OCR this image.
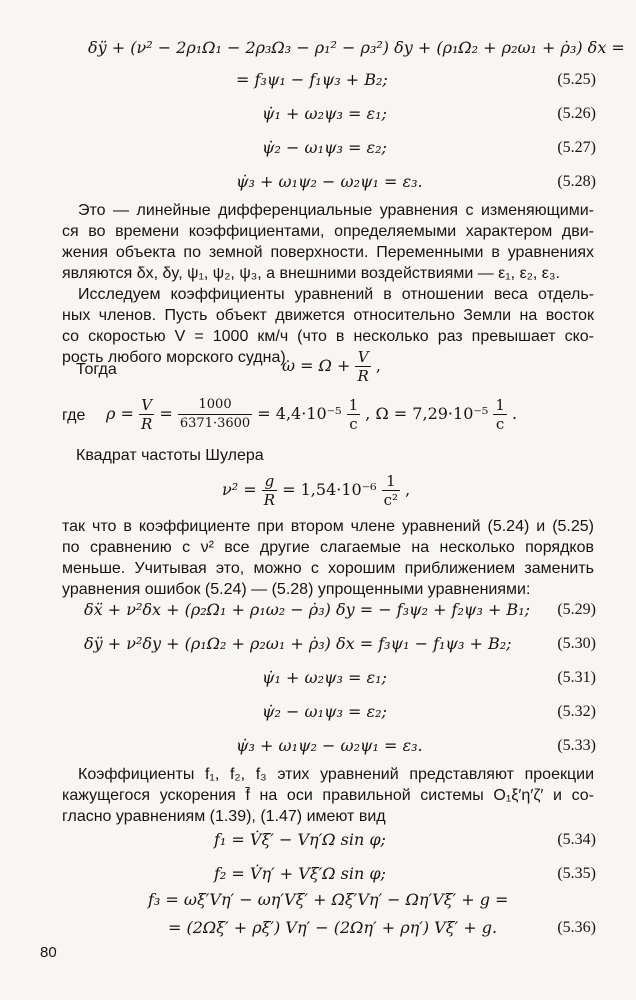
δÿ + (ν² − 2ρ₁Ω₁ − 2ρ₃Ω₃ − ρ₁² − ρ₃²) δy + (ρ₁Ω₂ + ρ₂ω₁ + ρ̇₃) δx =
= f₃ψ₁ − f₁ψ₃ + B₂;	(5.25)
ψ̇₁ + ω₂ψ₃ = ε₁;	(5.26)
ψ̇₂ − ω₁ψ₃ = ε₂;	(5.27)
ψ̇₃ + ω₁ψ₂ − ω₂ψ₁ = ε₃.	(5.28)
Это — линейные дифференциальные уравнения с изменяющими-
ся во времени коэффициентами, определяемыми характером дви-
жения объекта по земной поверхности. Переменными в уравнениях
являются δx, δy, ψ₁, ψ₂, ψ₃, а внешними воздействиями — ε₁, ε₂, ε₃.
Исследуем коэффициенты уравнений в отношении веса отдель-
ных членов. Пусть объект движется относительно Земли на восток
со скоростью V = 1000 км/ч (что в несколько раз превышает ско-
рость любого морского судна).
Тогда	$\omega = \Omega + \frac{V}{R}$ ,
где $\rho = \frac{V}{R} = \frac{1000}{6371\cdot 3600} = 4,4\cdot 10^{-5} \frac{1}{с}$ , $\Omega = 7,29\cdot 10^{-5} \frac{1}{с}$ .
Квадрат частоты Шулера
$\nu^2 = \frac{g}{R} = 1,54\cdot 10^{-6} \frac{1}{\text{с²}}$ ,
так что в коэффициенте при втором члене уравнений (5.24) и (5.25)
по сравнению с ν² все другие слагаемые на несколько порядков
меньше. Учитывая это, можно с хорошим приближением заменить
уравнения ошибок (5.24) — (5.28) упрощенными уравнениями:
δẍ + ν²δx + (ρ₂Ω₁ + ρ₁ω₂ − ρ̇₃) δy = − f₃ψ₂ + f₂ψ₃ + B₁; (5.29)
δÿ + ν²δy + (ρ₁Ω₂ + ρ₂ω₁ + ρ̇₃) δx = f₃ψ₁ − f₁ψ₃ + B₂;	(5.30)
ψ̇₁ + ω₂ψ₃ = ε₁;	(5.31)
ψ̇₂ − ω₁ψ₃ = ε₂;	(5.32)
ψ̇₃ + ω₁ψ₂ − ω₂ψ₁ = ε₃.	(5.33)
Коэффициенты f₁, f₂, f₃ этих уравнений представляют проекции
кажущегося ускорения f̄ на оси правильной системы O₁ξ′η′ζ′ и со-
гласно уравнениям (1.39), (1.47) имеют вид
f₁ = V̇ξ′ − Vη′Ω sin φ;	(5.34)
f₂ = V̇η′ + Vξ′Ω sin φ;	(5.35)
f₃ = ωξ′Vη′ − ωη′Vξ′ + Ωξ′Vη′ − Ωη′Vξ′ + g =
= (2Ωξ′ + ρξ′) Vη′ − (2Ωη′ + ρη′) Vξ′ + g.	(5.36)
80
